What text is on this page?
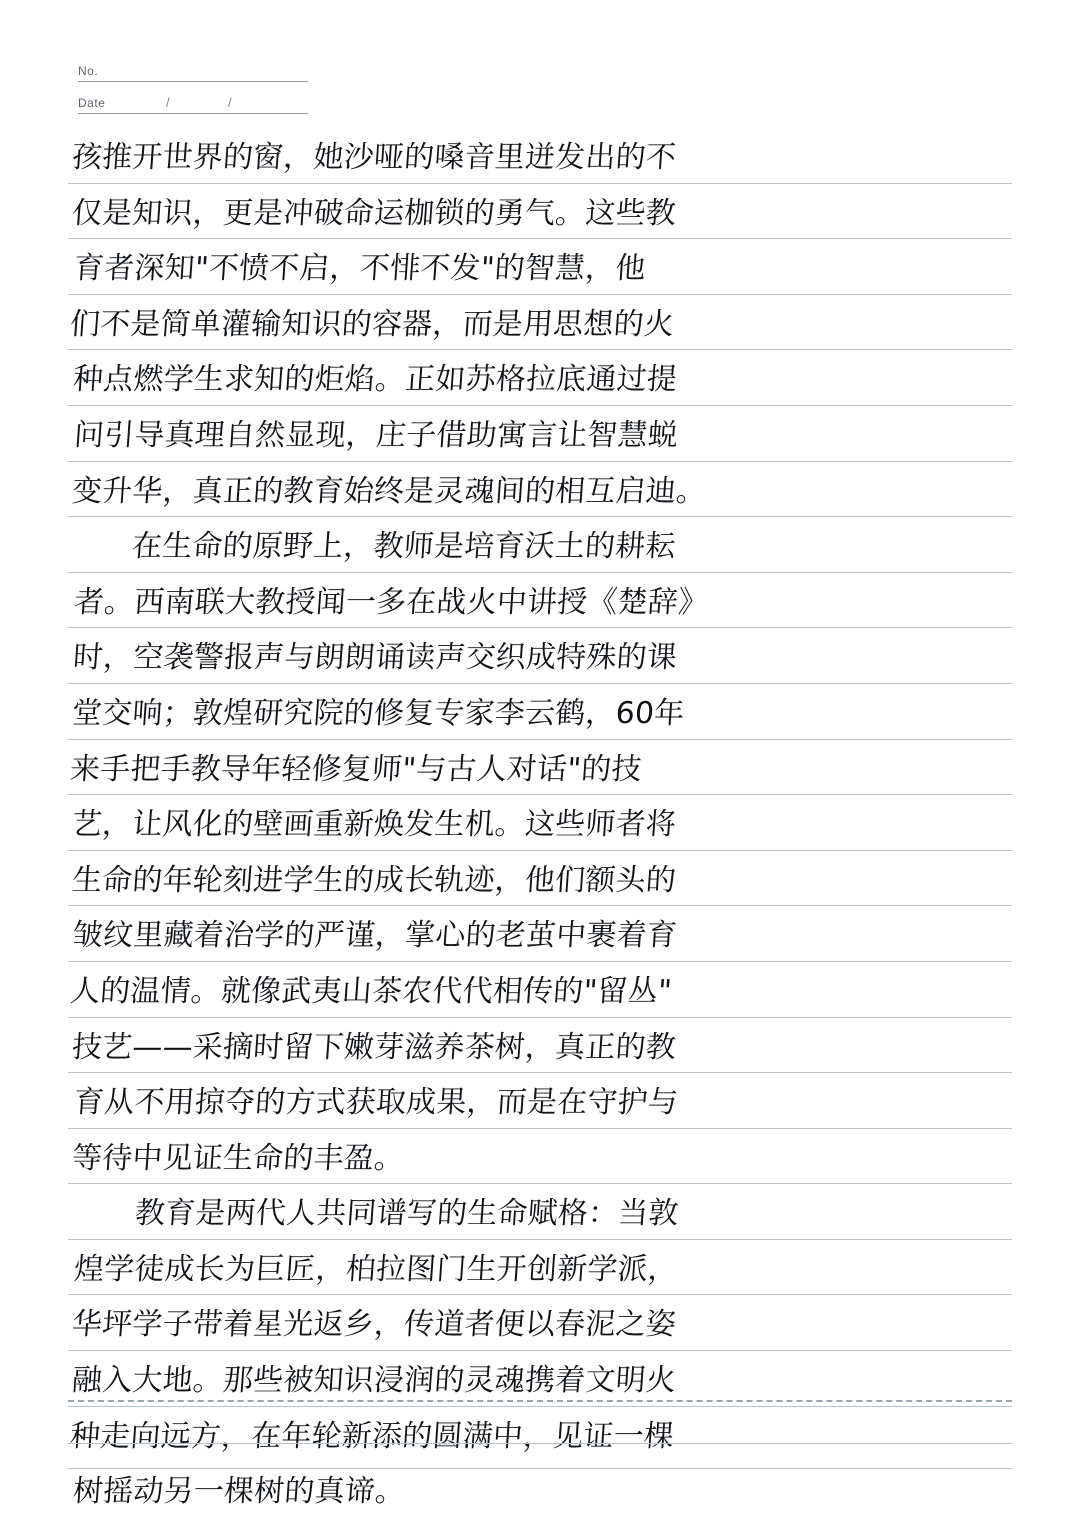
No.
Date	/	/
孩推开世界的窗，她沙哑的嗓音里迸发出的不
仅是知识，更是冲破命运枷锁的勇气。这些教
育者深知"不愤不启，不悱不发"的智慧，他
们不是简单灌输知识的容器，而是用思想的火
种点燃学生求知的炬焰。正如苏格拉底通过提
问引导真理自然显现，庄子借助寓言让智慧蜕
变升华，真正的教育始终是灵魂间的相互启迪。
在生命的原野上，教师是培育沃土的耕耘
者。西南联大教授闻一多在战火中讲授《楚辞》
时，空袭警报声与朗朗诵读声交织成特殊的课
堂交响；敦煌研究院的修复专家李云鹤，60年
来手把手教导年轻修复师"与古人对话"的技
艺，让风化的壁画重新焕发生机。这些师者将
生命的年轮刻进学生的成长轨迹，他们额头的
皱纹里藏着治学的严谨，掌心的老茧中裹着育
人的温情。就像武夷山茶农代代相传的"留丛"
技艺——采摘时留下嫩芽滋养茶树，真正的教
育从不用掠夺的方式获取成果，而是在守护与
等待中见证生命的丰盈。
教育是两代人共同谱写的生命赋格：当敦
煌学徒成长为巨匠，柏拉图门生开创新学派，
华坪学子带着星光返乡，传道者便以春泥之姿
融入大地。那些被知识浸润的灵魂携着文明火
种走向远方，在年轮新添的圆满中，见证一棵
树摇动另一棵树的真谛。
